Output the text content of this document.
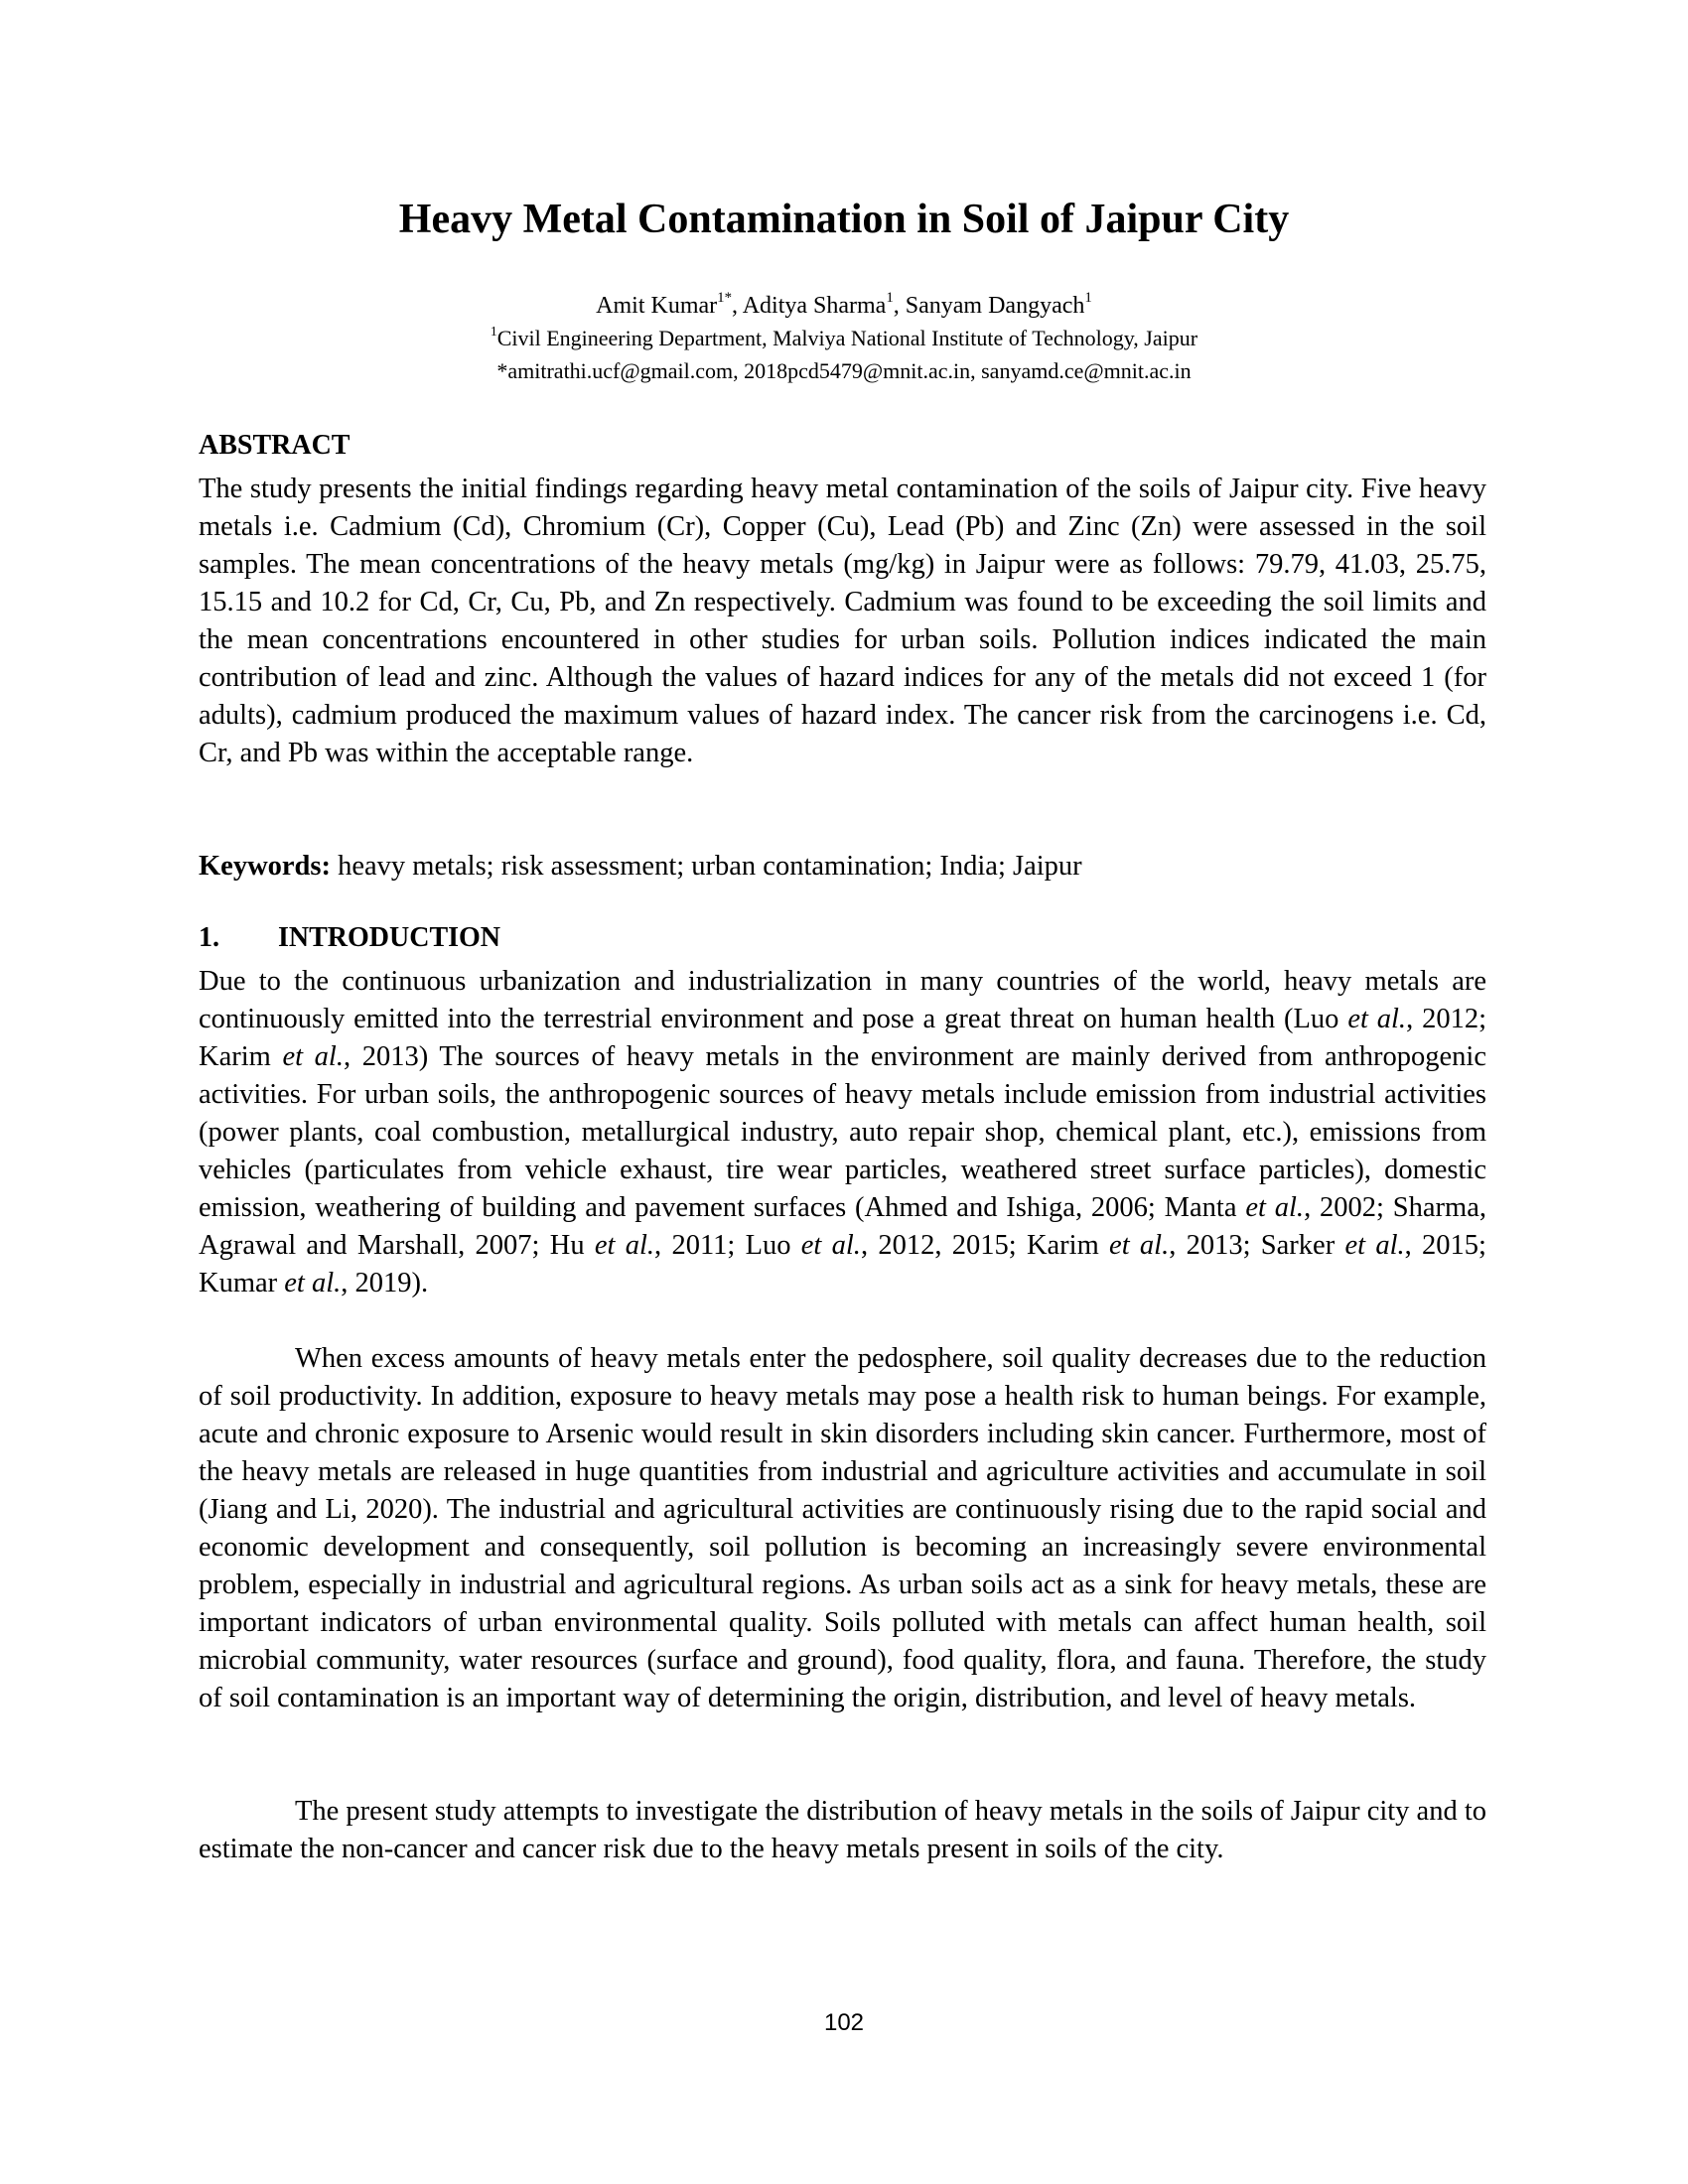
Heavy Metal Contamination in Soil of Jaipur City
Amit Kumar$^{1*}$, Aditya Sharma$^1$, Sanyam Dangyach$^1$
$^1$Civil Engineering Department, Malviya National Institute of Technology, Jaipur
*amitrathi.ucf@gmail.com, 2018pcd5479@mnit.ac.in, sanyamd.ce@mnit.ac.in
ABSTRACT
The study presents the initial findings regarding heavy metal contamination of the soils of Jaipur city. Five heavy metals i.e. Cadmium (Cd), Chromium (Cr), Copper (Cu), Lead (Pb) and Zinc (Zn) were assessed in the soil samples. The mean concentrations of the heavy metals (mg/kg) in Jaipur were as follows: 79.79, 41.03, 25.75, 15.15 and 10.2 for Cd, Cr, Cu, Pb, and Zn respectively. Cadmium was found to be exceeding the soil limits and the mean concentrations encountered in other studies for urban soils. Pollution indices indicated the main contribution of lead and zinc. Although the values of hazard indices for any of the metals did not exceed 1 (for adults), cadmium produced the maximum values of hazard index. The cancer risk from the carcinogens i.e. Cd, Cr, and Pb was within the acceptable range.
Keywords: heavy metals; risk assessment; urban contamination; India; Jaipur
1. INTRODUCTION
Due to the continuous urbanization and industrialization in many countries of the world, heavy metals are continuously emitted into the terrestrial environment and pose a great threat on human health (Luo et al., 2012; Karim et al., 2013) The sources of heavy metals in the environment are mainly derived from anthropogenic activities. For urban soils, the anthropogenic sources of heavy metals include emission from industrial activities (power plants, coal combustion, metallurgical industry, auto repair shop, chemical plant, etc.), emissions from vehicles (particulates from vehicle exhaust, tire wear particles, weathered street surface particles), domestic emission, weathering of building and pavement surfaces (Ahmed and Ishiga, 2006; Manta et al., 2002; Sharma, Agrawal and Marshall, 2007; Hu et al., 2011; Luo et al., 2012, 2015; Karim et al., 2013; Sarker et al., 2015; Kumar et al., 2019).
When excess amounts of heavy metals enter the pedosphere, soil quality decreases due to the reduction of soil productivity. In addition, exposure to heavy metals may pose a health risk to human beings. For example, acute and chronic exposure to Arsenic would result in skin disorders including skin cancer. Furthermore, most of the heavy metals are released in huge quantities from industrial and agriculture activities and accumulate in soil (Jiang and Li, 2020). The industrial and agricultural activities are continuously rising due to the rapid social and economic development and consequently, soil pollution is becoming an increasingly severe environmental problem, especially in industrial and agricultural regions. As urban soils act as a sink for heavy metals, these are important indicators of urban environmental quality. Soils polluted with metals can affect human health, soil microbial community, water resources (surface and ground), food quality, flora, and fauna. Therefore, the study of soil contamination is an important way of determining the origin, distribution, and level of heavy metals.
The present study attempts to investigate the distribution of heavy metals in the soils of Jaipur city and to estimate the non-cancer and cancer risk due to the heavy metals present in soils of the city.
102
